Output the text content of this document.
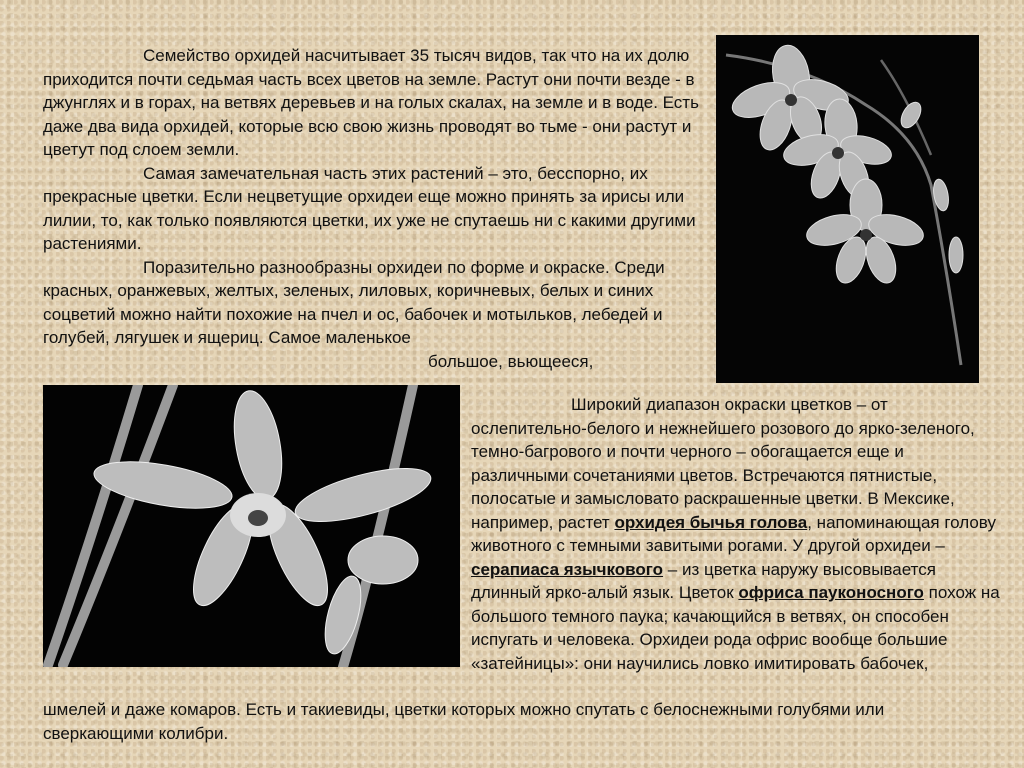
Семейство орхидей насчитывает 35 тысяч видов, так что на их долю приходится почти седьмая часть всех цветов на земле. Растут они почти везде - в джунглях и в горах, на ветвях деревьев и на голых скалах, на земле и в воде. Есть даже два вида орхидей, которые всю свою жизнь проводят во тьме - они растут и цветут под слоем земли.
Самая замечательная часть этих растений – это, бесспорно, их прекрасные цветки. Если нецветущие орхидеи еще можно принять за ирисы или лилии, то, как только появляются цветки, их уже не спутаешь ни с какими другими растениями.
Поразительно разнообразны орхидеи по форме и окраске. Среди красных, оранжевых, желтых, зеленых, лиловых, коричневых, белых и синих соцветий можно найти похожие на пчел и ос, бабочек и мотыльков, лебедей и голубей, лягушек и ящериц. Самое маленькое
большое, вьющееся,
Широкий диапазон окраски цветков – от ослепительно-белого и нежнейшего розового до ярко-зеленого, темно-багрового и почти черного – обогащается еще и различными сочетаниями цветов. Встречаются пятнистые, полосатые и замысловато раскрашенные цветки. В Мексике, например, растет орхидея бычья голова, напоминающая голову животного с темными завитыми рогами. У другой орхидеи – серапиаса язычкового – из цветка наружу высовывается длинный ярко-алый язык. Цветок офриса пауконосного похож на большого темного паука; качающийся в ветвях, он способен испугать и человека. Орхидеи рода офрис вообще большие «затейницы»: они научились ловко имитировать бабочек,
шмелей и даже комаров. Есть и такиевиды, цветки которых можно спутать с белоснежными голубями или сверкающими колибри.
